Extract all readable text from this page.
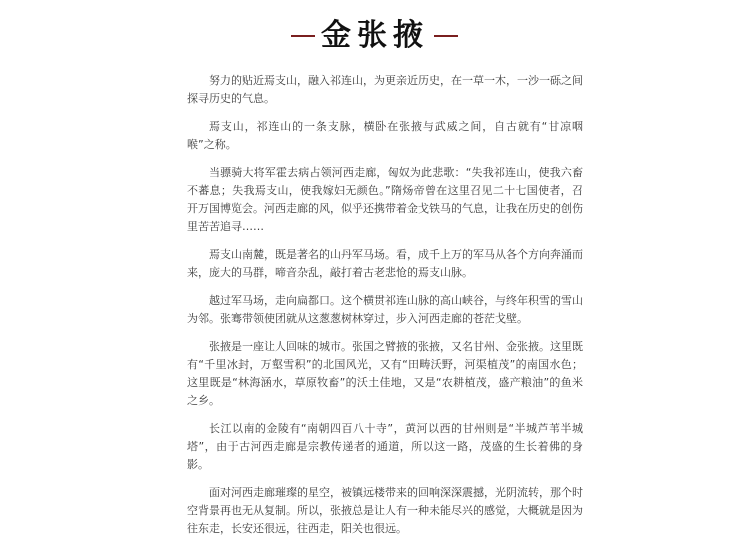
金张掖

努力的贴近焉支山，融入祁连山，为更亲近历史，在一草一木，一沙一砾之间探寻历史的气息。

焉支山，祁连山的一条支脉，横卧在张掖与武威之间，自古就有“甘凉咽喉”之称。

当骠骑大将军霍去病占领河西走廊，匈奴为此悲歌：“失我祁连山，使我六畜不蕃息；失我焉支山，使我嫁妇无颜色。”隋炀帝曾在这里召见二十七国使者，召开万国博览会。河西走廊的风，似乎还携带着金戈铁马的气息，让我在历史的创伤里苦苦追寻……

焉支山南麓，既是著名的山丹军马场。看，成千上万的军马从各个方向奔涌而来，庞大的马群，啼音杂乱，敲打着古老悲怆的焉支山脉。

越过军马场，走向扁都口。这个横贯祁连山脉的高山峡谷，与终年积雪的雪山为邻。张骞带领使团就从这葱葱树林穿过，步入河西走廊的苍茫戈壁。

张掖是一座让人回味的城市。张国之臂掖的张掖，又名甘州、金张掖。这里既有“千里冰封，万壑雪积”的北国风光，又有“田畴沃野，河渠植茂”的南国水色；这里既是“林海涵水，草原牧畜”的沃土佳地，又是“农耕植茂，盛产粮油”的鱼米之乡。

长江以南的金陵有“南朝四百八十寺”，黄河以西的甘州则是“半城芦苇半城塔”，由于古河西走廊是宗教传递者的通道，所以这一路，茂盛的生长着佛的身影。

面对河西走廊璀璨的星空，被镇远楼带来的回响深深震撼，光阴流转，那个时空背景再也无从复制。所以，张掖总是让人有一种未能尽兴的感觉，大概就是因为往东走，长安还很远，往西走，阳关也很远。
